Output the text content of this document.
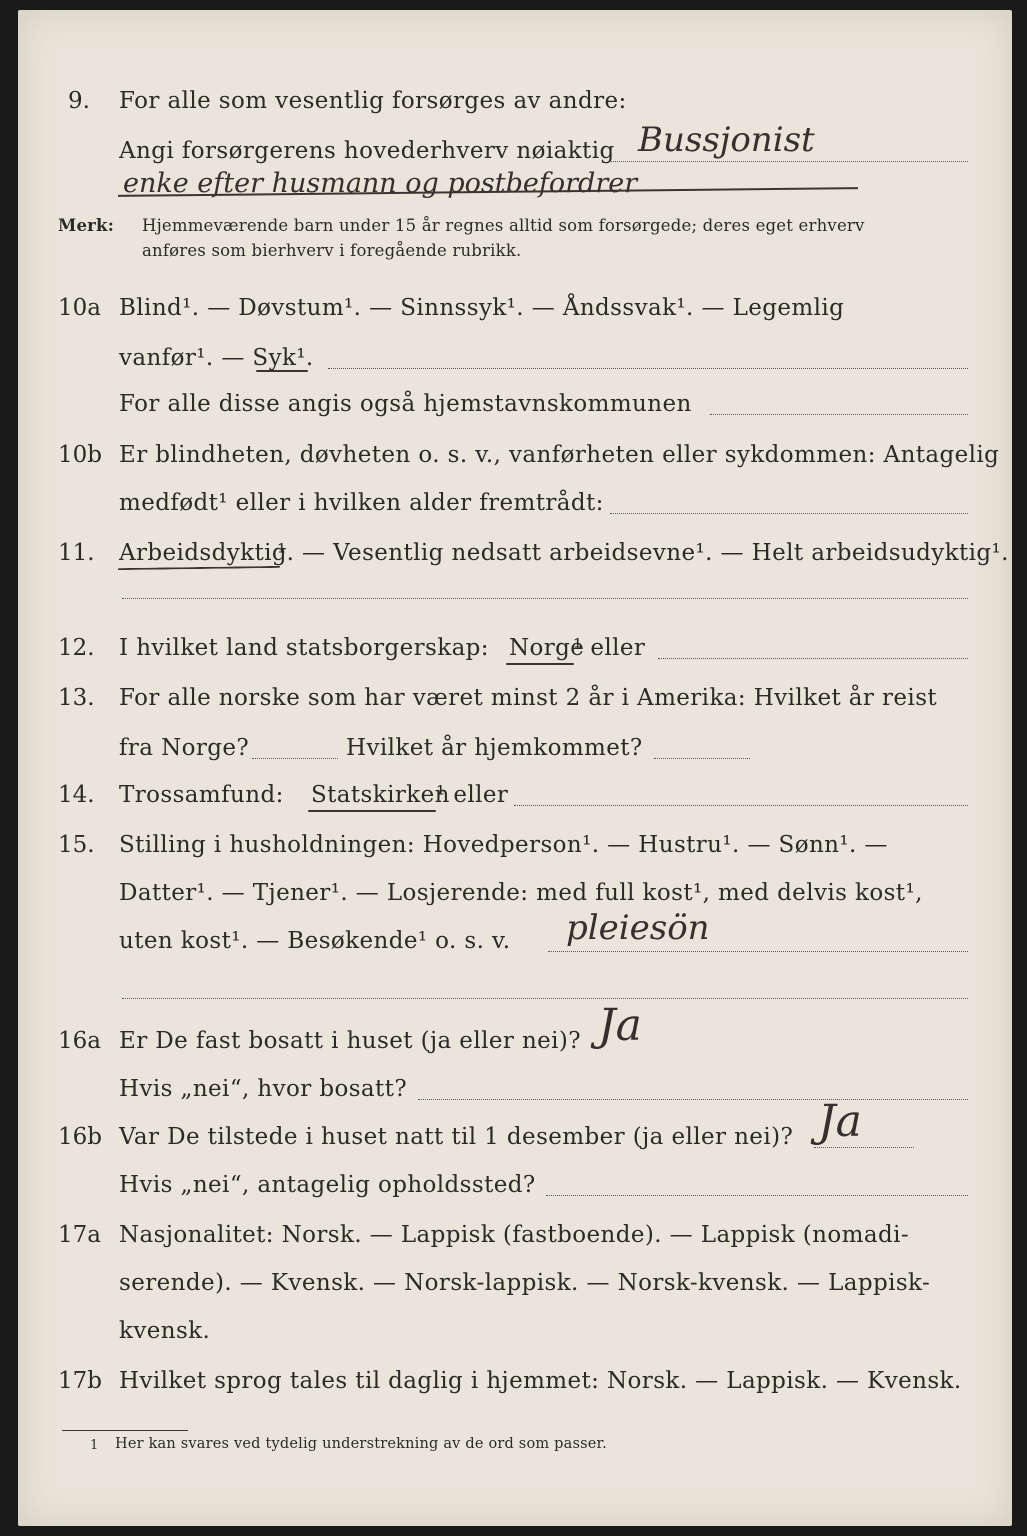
9. For alle som vesentlig forsørges av andre:
Angi forsørgerens hovederhverv nøiaktig Bussjonist
enke efter husmann og postbefordrer
Merk: Hjemmeværende barn under 15 år regnes alltid som forsørgede; deres eget erhverv
anføres som bierhverv i foregående rubrikk.
10a Blind¹. — Døvstum¹. — Sinnssyk¹. — Åndssvak¹. — Legemlig
vanfør¹. — Syk¹.
For alle disse angis også hjemstavnskommunen
10b Er blindheten, døvheten o. s. v., vanførheten eller sykdommen: Antagelig
medfødt¹ eller i hvilken alder fremtrådt:
11. Arbeidsdyktig
¹. — Vesentlig nedsatt arbeidsevne¹. — Helt arbeidsudyktig¹.
12. I hvilket land statsborgerskap: Norge
¹ eller
13. For alle norske som har været minst 2 år i Amerika: Hvilket år reist
fra Norge?	Hvilket år hjemkommet?
14. Trossamfund: Statskirken
¹ eller
15. Stilling i husholdningen: Hovedperson¹. — Hustru¹. — Sønn¹. —
Datter¹. — Tjener¹. — Losjerende: med full kost¹, med delvis kost¹,
uten kost¹. — Besøkende¹ o. s. v. pleiesön
16a Er De fast bosatt i huset (ja eller nei)? Ja
Hvis „nei“, hvor bosatt?
16b Var De tilstede i huset natt til 1 desember (ja eller nei)? Ja
Hvis „nei“, antagelig opholdssted?
17a Nasjonalitet: Norsk. — Lappisk (fastboende). — Lappisk (nomadi-
serende). — Kvensk. — Norsk-lappisk. — Norsk-kvensk. — Lappisk-
kvensk.
17b Hvilket sprog tales til daglig i hjemmet: Norsk. — Lappisk. — Kvensk.
1 Her kan svares ved tydelig understrekning av de ord som passer.
